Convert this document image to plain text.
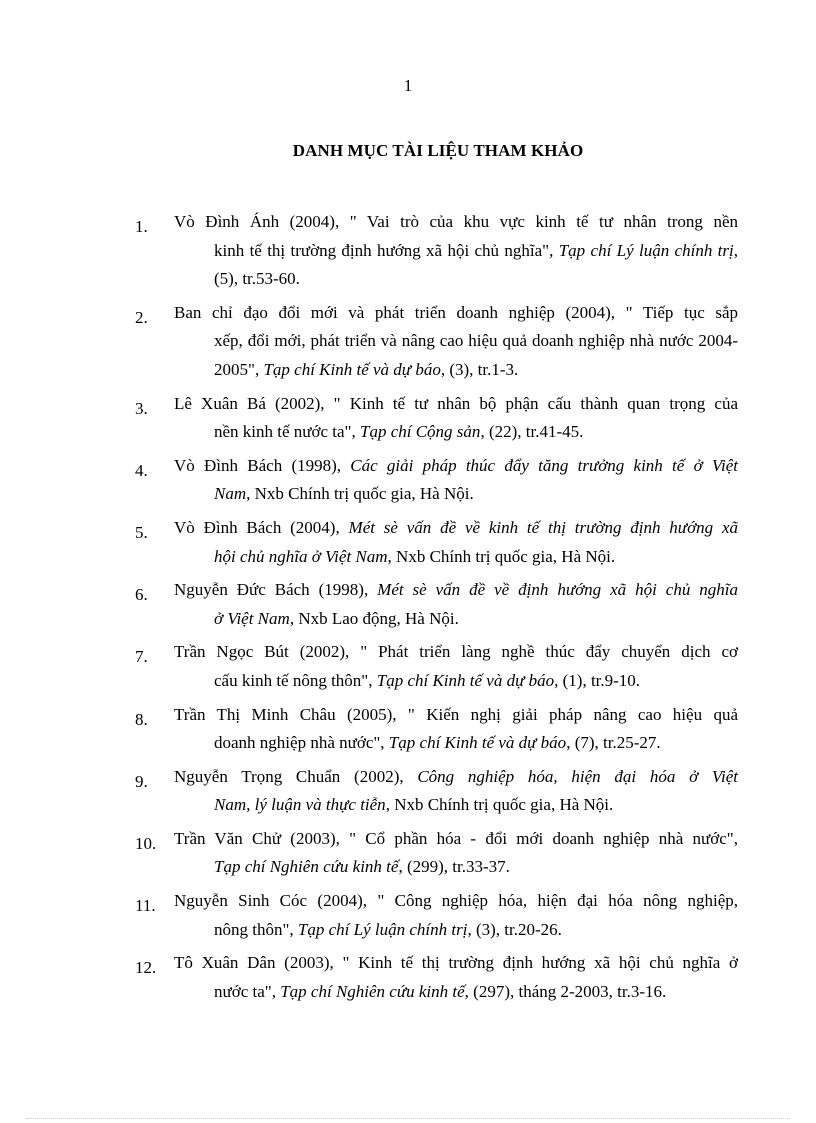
1
DANH MỤC TÀI LIỆU THAM KHẢO
1.	Vò Đình Ánh (2004), " Vai trò của khu vực kinh tế tư nhân trong nền
kinh tế thị trường định hướng xã hội chủ nghĩa", Tạp chí Lý luận chính trị, (5), tr.53-60.
2.	Ban chỉ đạo đổi mới và phát triển doanh nghiệp (2004), " Tiếp tục sắp
xếp, đổi mới, phát triển và nâng cao hiệu quả doanh nghiệp nhà nước 2004-2005", Tạp chí Kinh tế và dự báo, (3), tr.1-3.
3.	Lê Xuân Bá (2002), " Kinh tế tư nhân bộ phận cấu thành quan trọng của
nền kinh tế nước ta", Tạp chí Cộng sản, (22), tr.41-45.
4.	Vò Đình Bách (1998), Các giải pháp thúc đẩy tăng trưởng kinh tế ở Việt
Nam, Nxb Chính trị quốc gia, Hà Nội.
5.	Vò Đình Bách (2004), Mét sè vấn đề về kinh tế thị trường định hướng xã
hội chủ nghĩa ở Việt Nam, Nxb Chính trị quốc gia, Hà Nội.
6.	Nguyễn Đức Bách (1998), Mét sè vấn đề về định hướng xã hội chủ nghĩa
ở Việt Nam, Nxb Lao động, Hà Nội.
7.	Trần Ngọc Bút (2002), " Phát triển làng nghề thúc đẩy chuyển dịch cơ
cấu kinh tế nông thôn", Tạp chí Kinh tế và dự báo, (1), tr.9-10.
8.	Trần Thị Minh Châu (2005), " Kiến nghị giải pháp nâng cao hiệu quả
doanh nghiệp nhà nước", Tạp chí Kinh tế và dự báo, (7), tr.25-27.
9.	Nguyễn Trọng Chuẩn (2002), Công nghiệp hóa, hiện đại hóa ở Việt
Nam, lý luận và thực tiễn, Nxb Chính trị quốc gia, Hà Nội.
10.	Trần Văn Chử (2003), " Cổ phần hóa - đổi mới doanh nghiệp nhà nước",
Tạp chí Nghiên cứu kinh tế, (299), tr.33-37.
11.	Nguyễn Sinh Cóc (2004), " Công nghiệp hóa, hiện đại hóa nông nghiệp,
nông thôn", Tạp chí Lý luận chính trị, (3), tr.20-26.
12.	Tô Xuân Dân (2003), " Kinh tế thị trường định hướng xã hội chủ nghĩa ở
nước ta", Tạp chí Nghiên cứu kinh tế, (297), tháng 2-2003, tr.3-16.
